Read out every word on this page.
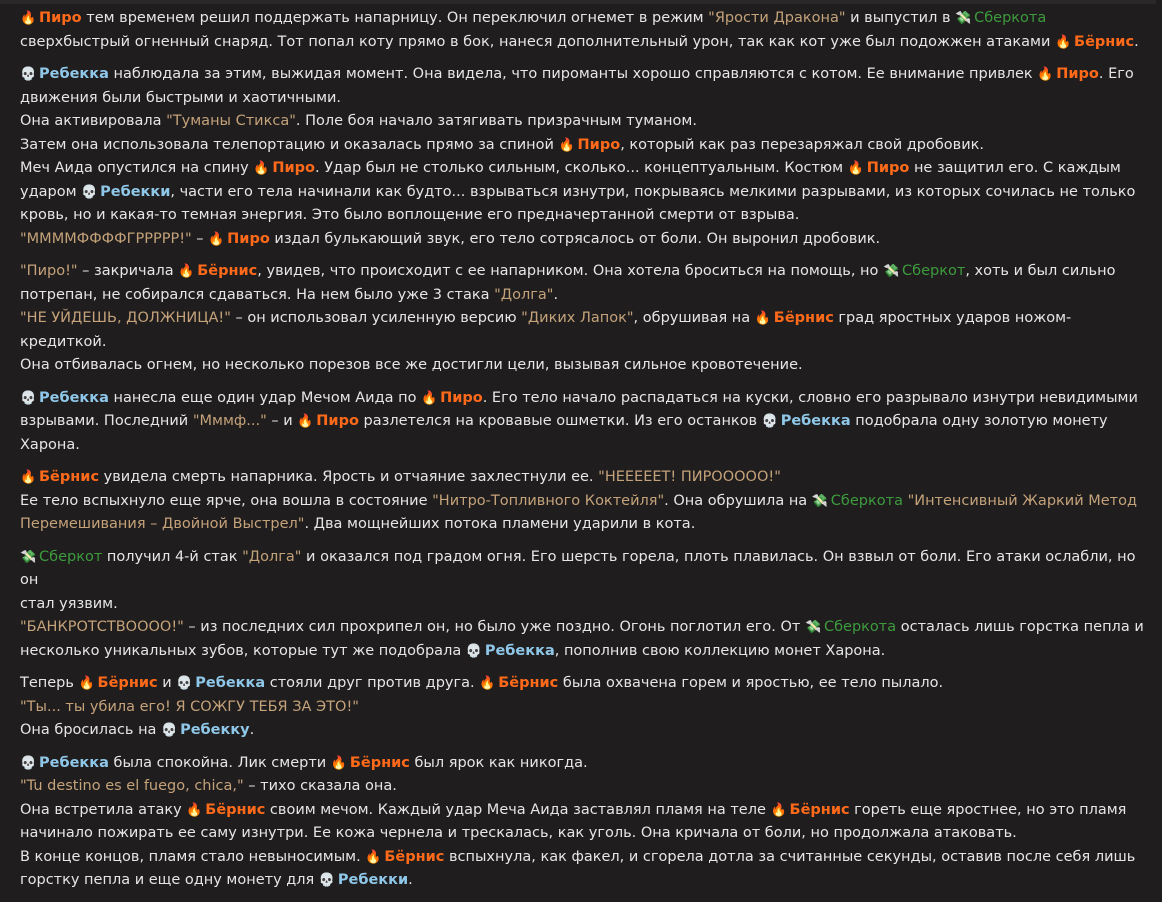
🔥 Пиро тем временем решил поддержать напарницу. Он переключил огнемет в режим "Ярости Дракона" и выпустил в 💸 Сберкота
сверхбыстрый огненный снаряд. Тот попал коту прямо в бок, нанеся дополнительный урон, так как кот уже был подожжен атаками 🔥 Бёрнис.
💀 Ребекка наблюдала за этим, выжидая момент. Она видела, что пироманты хорошо справляются с котом. Ее внимание привлек 🔥 Пиро. Его
движения были быстрыми и хаотичными.
Она активировала "Туманы Стикса". Поле боя начало затягивать призрачным туманом.
Затем она использовала телепортацию и оказалась прямо за спиной 🔥 Пиро, который как раз перезаряжал свой дробовик.
Меч Аида опустился на спину 🔥 Пиро. Удар был не столько сильным, сколько... концептуальным. Костюм 🔥 Пиро не защитил его. С каждым
ударом 💀 Ребекки, части его тела начинали как будто... взрываться изнутри, покрываясь мелкими разрывами, из которых сочилась не только
кровь, но и какая-то темная энергия. Это было воплощение его предначертанной смерти от взрыва.
"ММММФФФФГРРРРР!" – 🔥 Пиро издал булькающий звук, его тело сотрясалось от боли. Он выронил дробовик.
"Пиро!" – закричала 🔥 Бёрнис, увидев, что происходит с ее напарником. Она хотела броситься на помощь, но 💸 Сберкот, хоть и был сильно
потрепан, не собирался сдаваться. На нем было уже 3 стака "Долга".
"НЕ УЙДЕШЬ, ДОЛЖНИЦА!" – он использовал усиленную версию "Диких Лапок", обрушивая на 🔥 Бёрнис град яростных ударов ножом-кредиткой.
Она отбивалась огнем, но несколько порезов все же достигли цели, вызывая сильное кровотечение.
💀 Ребекка нанесла еще один удар Мечом Аида по 🔥 Пиро. Его тело начало распадаться на куски, словно его разрывало изнутри невидимыми
взрывами. Последний "Мммф..." – и 🔥 Пиро разлетелся на кровавые ошметки. Из его останков 💀 Ребекка подобрала одну золотую монету
Харона.
🔥 Бёрнис увидела смерть напарника. Ярость и отчаяние захлестнули ее. "НЕЕЕЕЕТ! ПИРООООО!"
Ее тело вспыхнуло еще ярче, она вошла в состояние "Нитро-Топливного Коктейля". Она обрушила на 💸 Сберкота "Интенсивный Жаркий Метод
Перемешивания – Двойной Выстрел". Два мощнейших потока пламени ударили в кота.
💸 Сберкот получил 4-й стак "Долга" и оказался под градом огня. Его шерсть горела, плоть плавилась. Он взвыл от боли. Его атаки ослабли, но он
стал уязвим.
"БАНКРОТСТВОООО!" – из последних сил прохрипел он, но было уже поздно. Огонь поглотил его. От 💸 Сберкота осталась лишь горстка пепла и
несколько уникальных зубов, которые тут же подобрала 💀 Ребекка, пополнив свою коллекцию монет Харона.
Теперь 🔥 Бёрнис и 💀 Ребекка стояли друг против друга. 🔥 Бёрнис была охвачена горем и яростью, ее тело пылало.
"Ты... ты убила его! Я СОЖГУ ТЕБЯ ЗА ЭТО!"
Она бросилась на 💀 Ребекку.
💀 Ребекка была спокойна. Лик смерти 🔥 Бёрнис был ярок как никогда.
"Tu destino es el fuego, chica," – тихо сказала она.
Она встретила атаку 🔥 Бёрнис своим мечом. Каждый удар Меча Аида заставлял пламя на теле 🔥 Бёрнис гореть еще яростнее, но это пламя
начинало пожирать ее саму изнутри. Ее кожа чернела и трескалась, как уголь. Она кричала от боли, но продолжала атаковать.
В конце концов, пламя стало невыносимым. 🔥 Бёрнис вспыхнула, как факел, и сгорела дотла за считанные секунды, оставив после себя лишь
горстку пепла и еще одну монету для 💀 Ребекки.
